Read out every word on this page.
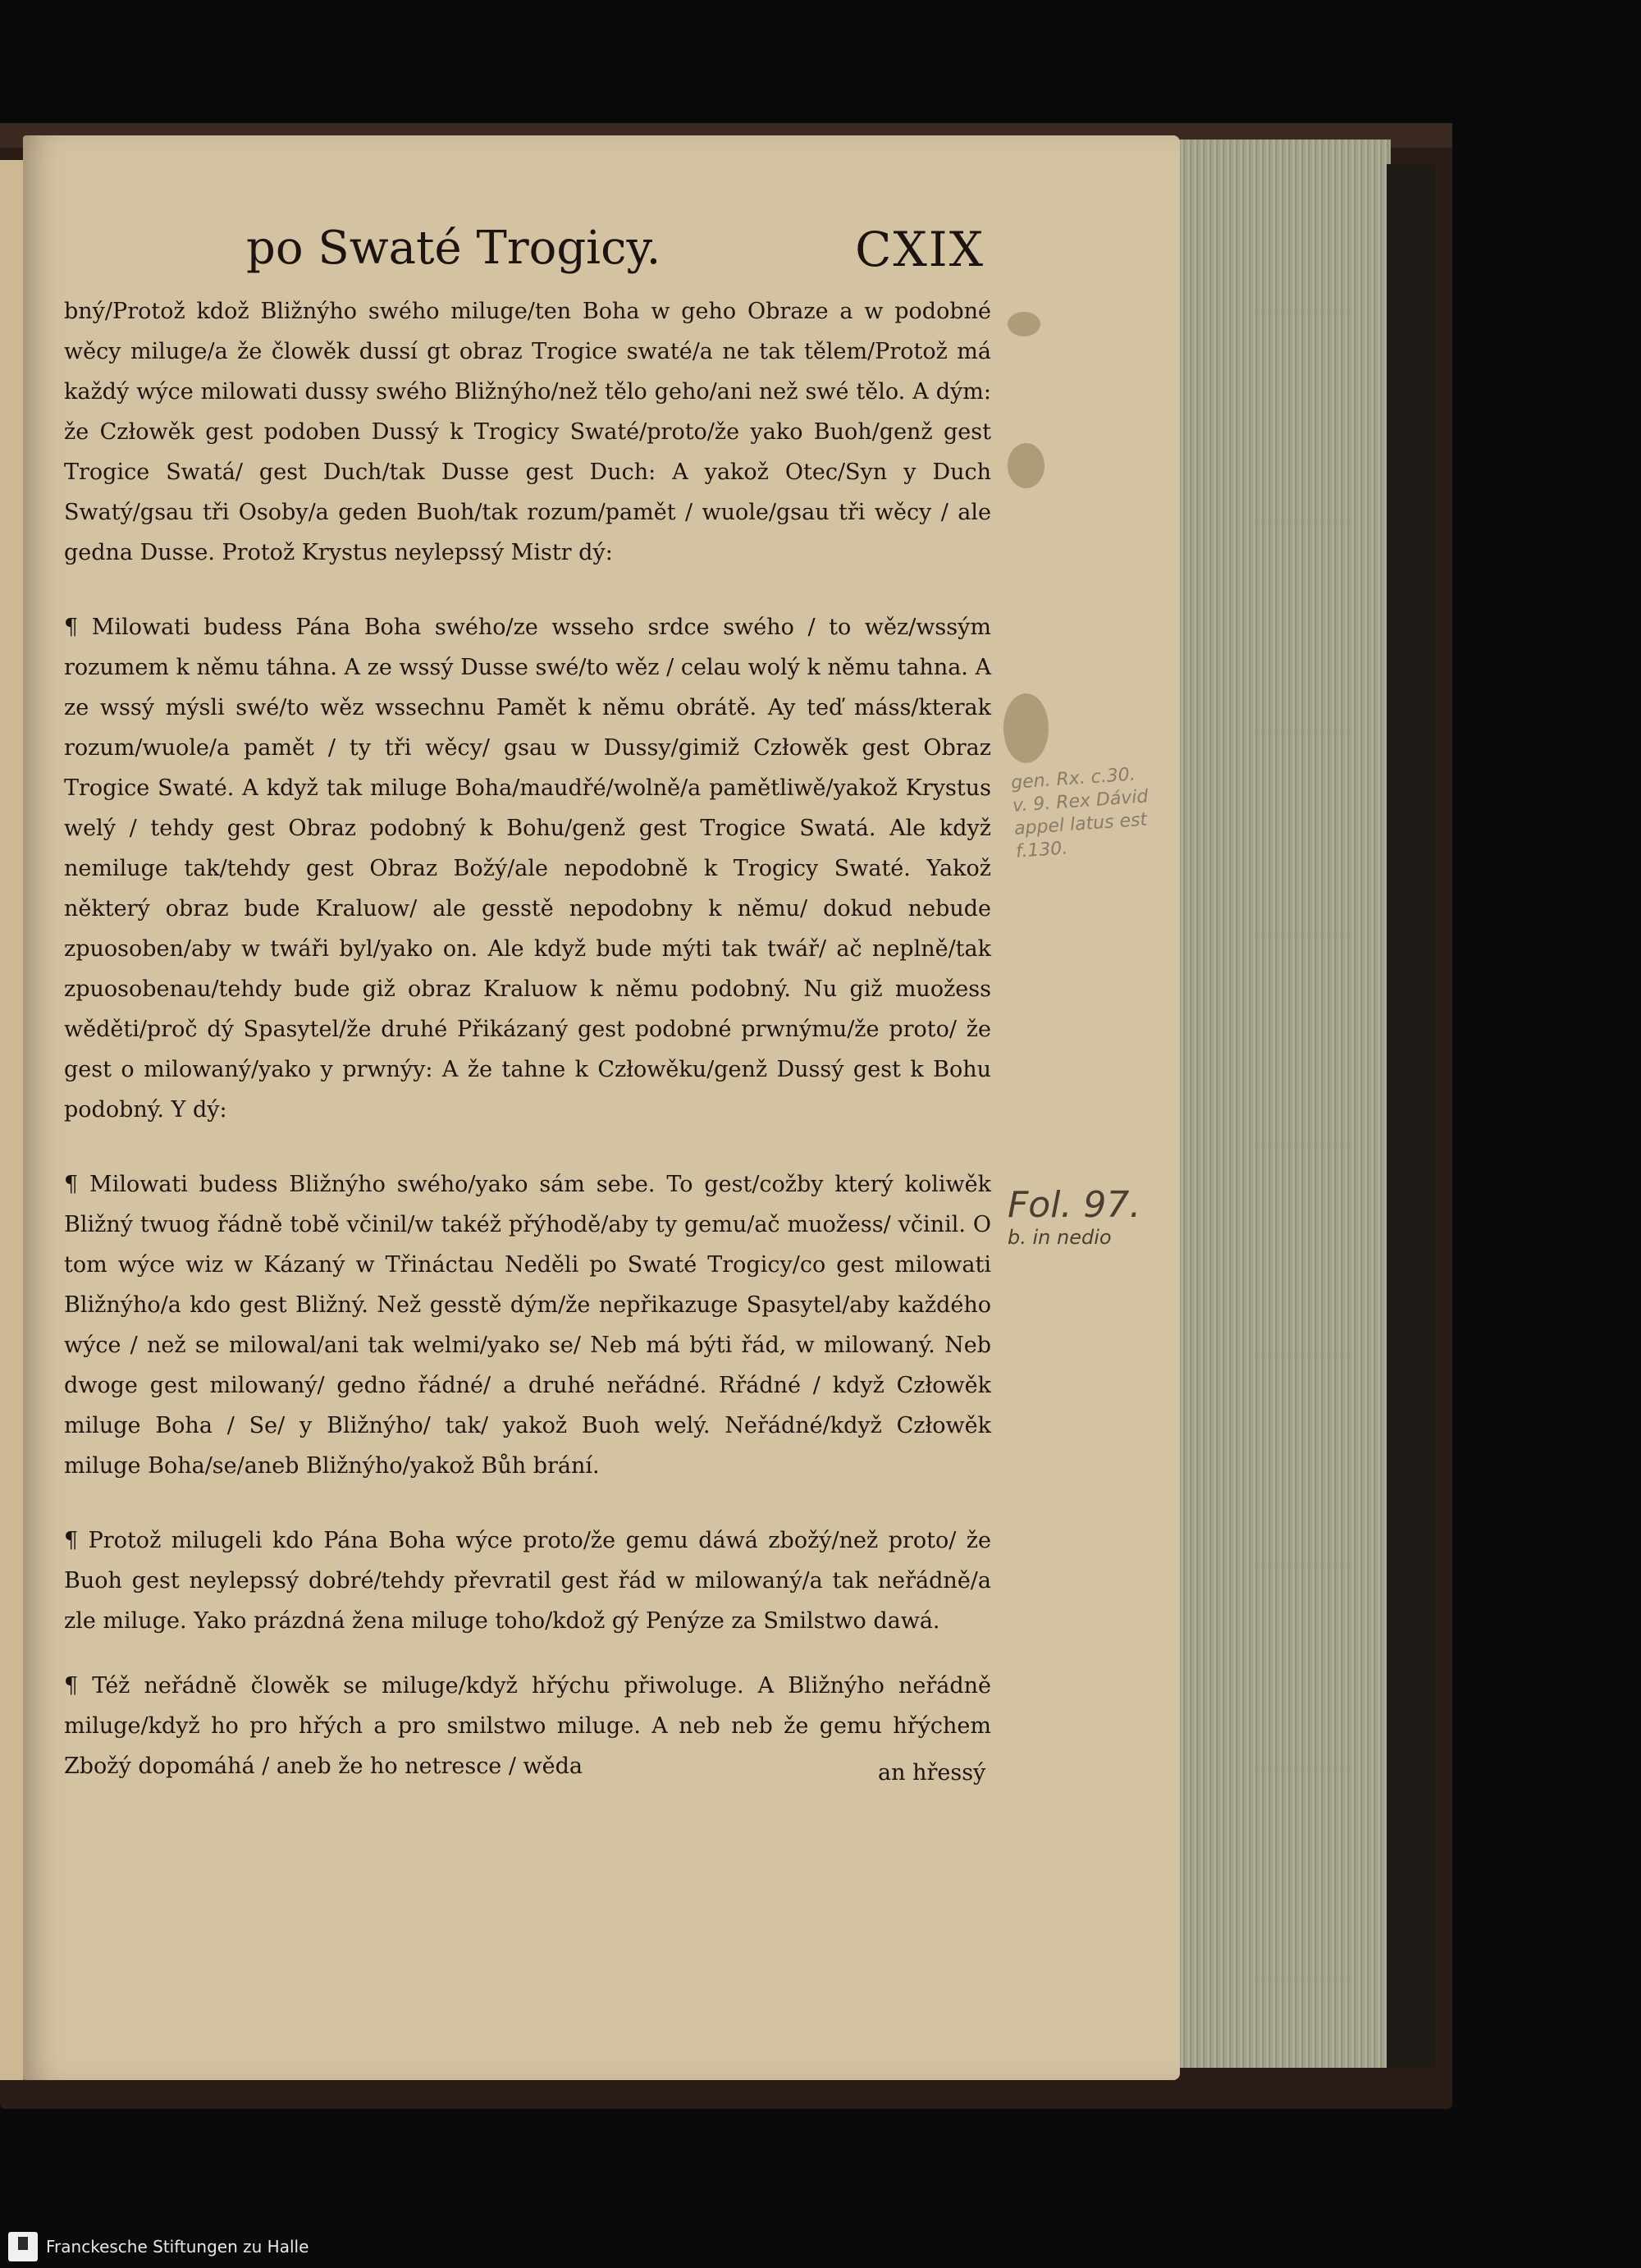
po Swaté Trogicy.	CXIX

bný/Protož kdož Bližnýho swého miluge/ten Boha w geho Obraze a w podobné wěcy miluge/a že člowěk dussí gt obraz Trogice swaté/a ne tak tělem/Protož má každý wýce milowati dussy swého Bližnýho/než tělo geho/ani než swé tělo. A dým: že Człowěk gest podoben Dussý k Trogicy Swaté/proto/že yako Buoh/genž gest Trogice Swatá/ gest Duch/tak Dusse gest Duch: A yakož Otec/Syn y Duch Swatý/gsau tři Osoby/a geden Buoh/tak rozum/pamět / wuole/gsau tři wěcy / ale gedna Dusse. Protož Krystus neylepssý Mistr dý:

¶ Milowati budess Pána Boha swého/ze wsseho srdce swého / to wěz/wssým rozumem k němu táhna. A ze wssý Dusse swé/to wěz / celau wolý k němu tahna. A ze wssý mýsli swé/to wěz wssechnu Pamět k němu obrátě. Ay teď máss/kterak rozum/wuole/a pamět / ty tři wěcy/ gsau w Dussy/gimiž Człowěk gest Obraz Trogice Swaté. A když tak miluge Boha/maudřé/wolně/a pamětliwě/yakož Krystus welý / tehdy gest Obraz podobný k Bohu/genž gest Trogice Swatá. Ale když nemiluge tak/tehdy gest Obraz Božý/ale nepodobně k Trogicy Swaté. Yakož některý obraz bude Kraluow/ ale gesstě nepodobny k němu/ dokud nebude zpuosoben/aby w twáři byl/yako on. Ale když bude mýti tak twář/ ač neplně/tak zpuosobenau/tehdy bude giž obraz Kraluow k němu podobný. Nu giž muožess wěděti/proč dý Spasytel/že druhé Přikázaný gest podobné prwnýmu/že proto/ že gest o milowaný/yako y prwnýy: A že tahne k Człowěku/genž Dussý gest k Bohu podobný. Y dý:

¶ Milowati budess Bližnýho swého/yako sám sebe. To gest/cožby který koliwěk Bližný twuog řádně tobě včinil/w takéž přýhodě/aby ty gemu/ač muožess/ včinil. O tom wýce wiz w Kázaný w Třináctau Neděli po Swaté Trogicy/co gest milowati Bližnýho/a kdo gest Bližný. Než gesstě dým/že nepřikazuge Spasytel/aby každého wýce / než se milowal/ani tak welmi/yako se/ Neb má býti řád, w milowaný. Neb dwoge gest milowaný/ gedno řádné/ a druhé neřádné. Rřádné / když Człowěk miluge Boha / Se/ y Bližnýho/ tak/ yakož Buoh welý. Neřádné/když Człowěk miluge Boha/se/aneb Bližnýho/yakož Bůh brání.

¶ Protož milugeli kdo Pána Boha wýce proto/že gemu dáwá zbožý/než proto/ že Buoh gest neylepssý dobré/tehdy převratil gest řád w milowaný/a tak neřádně/a zle miluge. Yako prázdná žena miluge toho/kdož gý Penýze za Smilstwo dawá.

¶ Též neřádně člowěk se miluge/když hřýchu přiwoluge. A Bližnýho neřádně miluge/když ho pro hřých a pro smilstwo miluge. A neb neb že gemu hřýchem Zbožý dopomáhá / aneb že ho netresce / wěda	an hřessý
gen. Rx. c.30. v. 9. Rex Dávid appel latus est f.130.
Fol. 97.
b. in nedio
Franckesche Stiftungen zu Halle
